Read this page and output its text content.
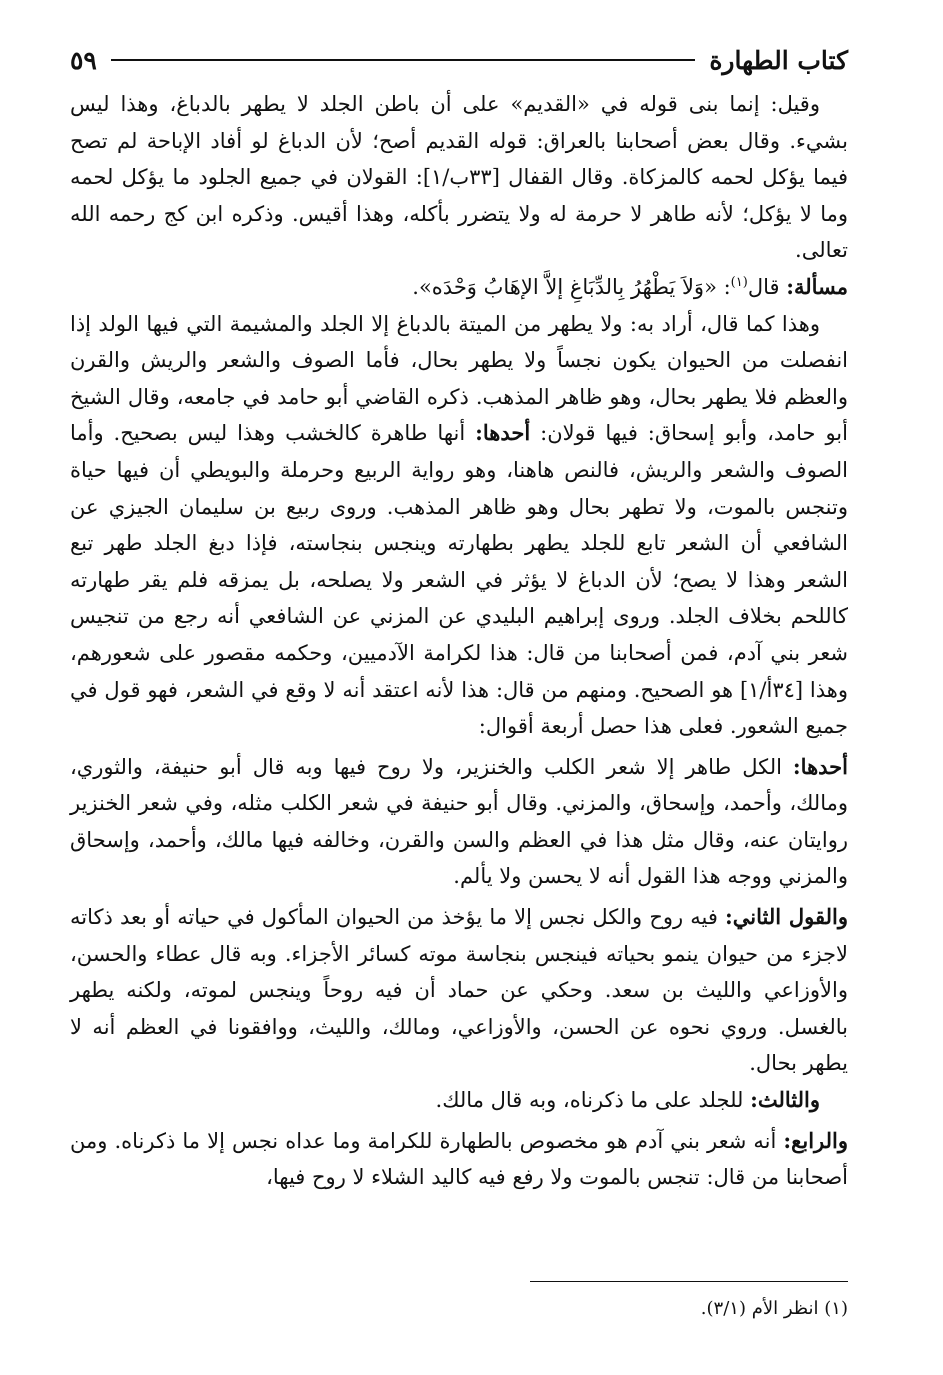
كتاب الطهارة
٥٩

وقيل: إنما بنى قوله في «القديم» على أن باطن الجلد لا يطهر بالدباغ، وهذا ليس بشيء. وقال بعض أصحابنا بالعراق: قوله القديم أصح؛ لأن الدباغ لو أفاد الإباحة لم تصح فيما يؤكل لحمه كالمزكاة. وقال القفال [٣٣ب/١]: القولان في جميع الجلود ما يؤكل لحمه وما لا يؤكل؛ لأنه طاهر لا حرمة له ولا يتضرر بأكله، وهذا أقيس. وذكره ابن كج رحمه الله تعالى.

مسألة: قال$^{(١)}$: «وَلاَ يَطْهُرُ بِالدِّبَاغِ إلاَّ الإهَابُ وَحْدَه».

وهذا كما قال، أراد به: ولا يطهر من الميتة بالدباغ إلا الجلد والمشيمة التي فيها الولد إذا انفصلت من الحيوان يكون نجساً ولا يطهر بحال، فأما الصوف والشعر والريش والقرن والعظم فلا يطهر بحال، وهو ظاهر المذهب. ذكره القاضي أبو حامد في جامعه، وقال الشيخ أبو حامد، وأبو إسحاق: فيها قولان: أحدها: أنها طاهرة كالخشب وهذا ليس بصحيح. وأما الصوف والشعر والريش، فالنص هاهنا، وهو رواية الربيع وحرملة والبويطي أن فيها حياة وتنجس بالموت، ولا تطهر بحال وهو ظاهر المذهب. وروى ربيع بن سليمان الجيزي عن الشافعي أن الشعر تابع للجلد يطهر بطهارته وينجس بنجاسته، فإذا دبغ الجلد طهر تبع الشعر وهذا لا يصح؛ لأن الدباغ لا يؤثر في الشعر ولا يصلحه، بل يمزقه فلم يقر طهارته كاللحم بخلاف الجلد. وروى إبراهيم البليدي عن المزني عن الشافعي أنه رجع من تنجيس شعر بني آدم، فمن أصحابنا من قال: هذا لكرامة الآدميين، وحكمه مقصور على شعورهم، وهذا [٣٤أ/١] هو الصحيح. ومنهم من قال: هذا لأنه اعتقد أنه لا وقع في الشعر، فهو قول في جميع الشعور. فعلى هذا حصل أربعة أقوال:

أحدها: الكل طاهر إلا شعر الكلب والخنزير، ولا روح فيها وبه قال أبو حنيفة، والثوري، ومالك، وأحمد، وإسحاق، والمزني. وقال أبو حنيفة في شعر الكلب مثله، وفي شعر الخنزير روايتان عنه، وقال مثل هذا في العظم والسن والقرن، وخالفه فيها مالك، وأحمد، وإسحاق والمزني ووجه هذا القول أنه لا يحسن ولا يألم.

والقول الثاني: فيه روح والكل نجس إلا ما يؤخذ من الحيوان المأكول في حياته أو بعد ذكاته لاجزء من حيوان ينمو بحياته فينجس بنجاسة موته كسائر الأجزاء. وبه قال عطاء والحسن، والأوزاعي والليث بن سعد. وحكي عن حماد أن فيه روحاً وينجس لموته، ولكنه يطهر بالغسل. وروي نحوه عن الحسن، والأوزاعي، ومالك، والليث، ووافقونا في العظم أنه لا يطهر بحال.

والثالث: للجلد على ما ذكرناه، وبه قال مالك.

والرابع: أنه شعر بني آدم هو مخصوص بالطهارة للكرامة وما عداه نجس إلا ما ذكرناه. ومن أصحابنا من قال: تنجس بالموت ولا رفع فيه كاليد الشلاء لا روح فيها،

(١) انظر الأم (٣/١).
